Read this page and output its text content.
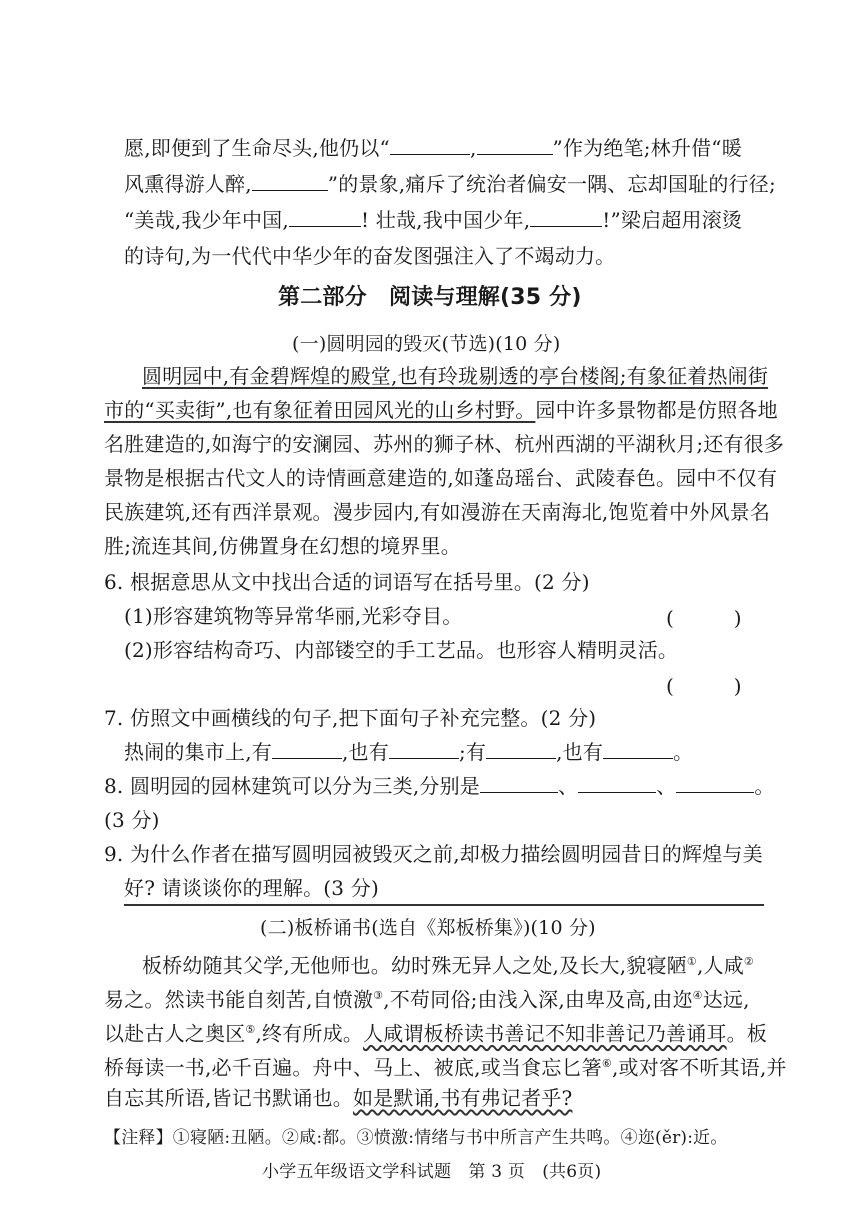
愿,即便到了生命尽头,他仍以“	,	”作为绝笔;林升借“暖
风熏得游人醉,	”的景象,痛斥了统治者偏安一隅、忘却国耻的行径;
“美哉,我少年中国,	! 壮哉,我中国少年,	!”梁启超用滚烫
的诗句,为一代代中华少年的奋发图强注入了不竭动力。
第二部分　阅读与理解(35 分)
(一)圆明园的毁灭(节选)(10 分)
圆明园中,有金碧辉煌的殿堂,也有玲珑剔透的亭台楼阁;有象征着热闹街
市的“买卖街”,也有象征着田园风光的山乡村野。园中许多景物都是仿照各地
名胜建造的,如海宁的安澜园、苏州的狮子林、杭州西湖的平湖秋月;还有很多
景物是根据古代文人的诗情画意建造的,如蓬岛瑶台、武陵春色。园中不仅有
民族建筑,还有西洋景观。漫步园内,有如漫游在天南海北,饱览着中外风景名
胜;流连其间,仿佛置身在幻想的境界里。
6. 根据意思从文中找出合适的词语写在括号里。(2 分)
(1)形容建筑物等异常华丽,光彩夺目。	(　　　)
(2)形容结构奇巧、内部镂空的手工艺品。也形容人精明灵活。
(　　　)
7. 仿照文中画横线的句子,把下面句子补充完整。(2 分)
热闹的集市上,有	,也有	;有	,也有	。
8. 圆明园的园林建筑可以分为三类,分别是	、	、	。
(3 分)
9. 为什么作者在描写圆明园被毁灭之前,却极力描绘圆明园昔日的辉煌与美
好? 请谈谈你的理解。(3 分)
(二)板桥诵书(选自《郑板桥集》)(10 分)
板桥幼随其父学,无他师也。幼时殊无异人之处,及长大,貌寝陋①,人咸②
易之。然读书能自刻苦,自愤激③,不苟同俗;由浅入深,由卑及高,由迩④达远,
以赴古人之奥区⑤,终有所成。人咸谓板桥读书善记不知非善记乃善诵耳。板
桥每读一书,必千百遍。舟中、马上、被底,或当食忘匕箸⑥,或对客不听其语,并
自忘其所语,皆记书默诵也。如是默诵,书有弗记者乎?
【注释】①寝陋:丑陋。②咸:都。③愤激:情绪与书中所言产生共鸣。④迩(ěr):近。
小学五年级语文学科试题　第 3 页　(共6页)
